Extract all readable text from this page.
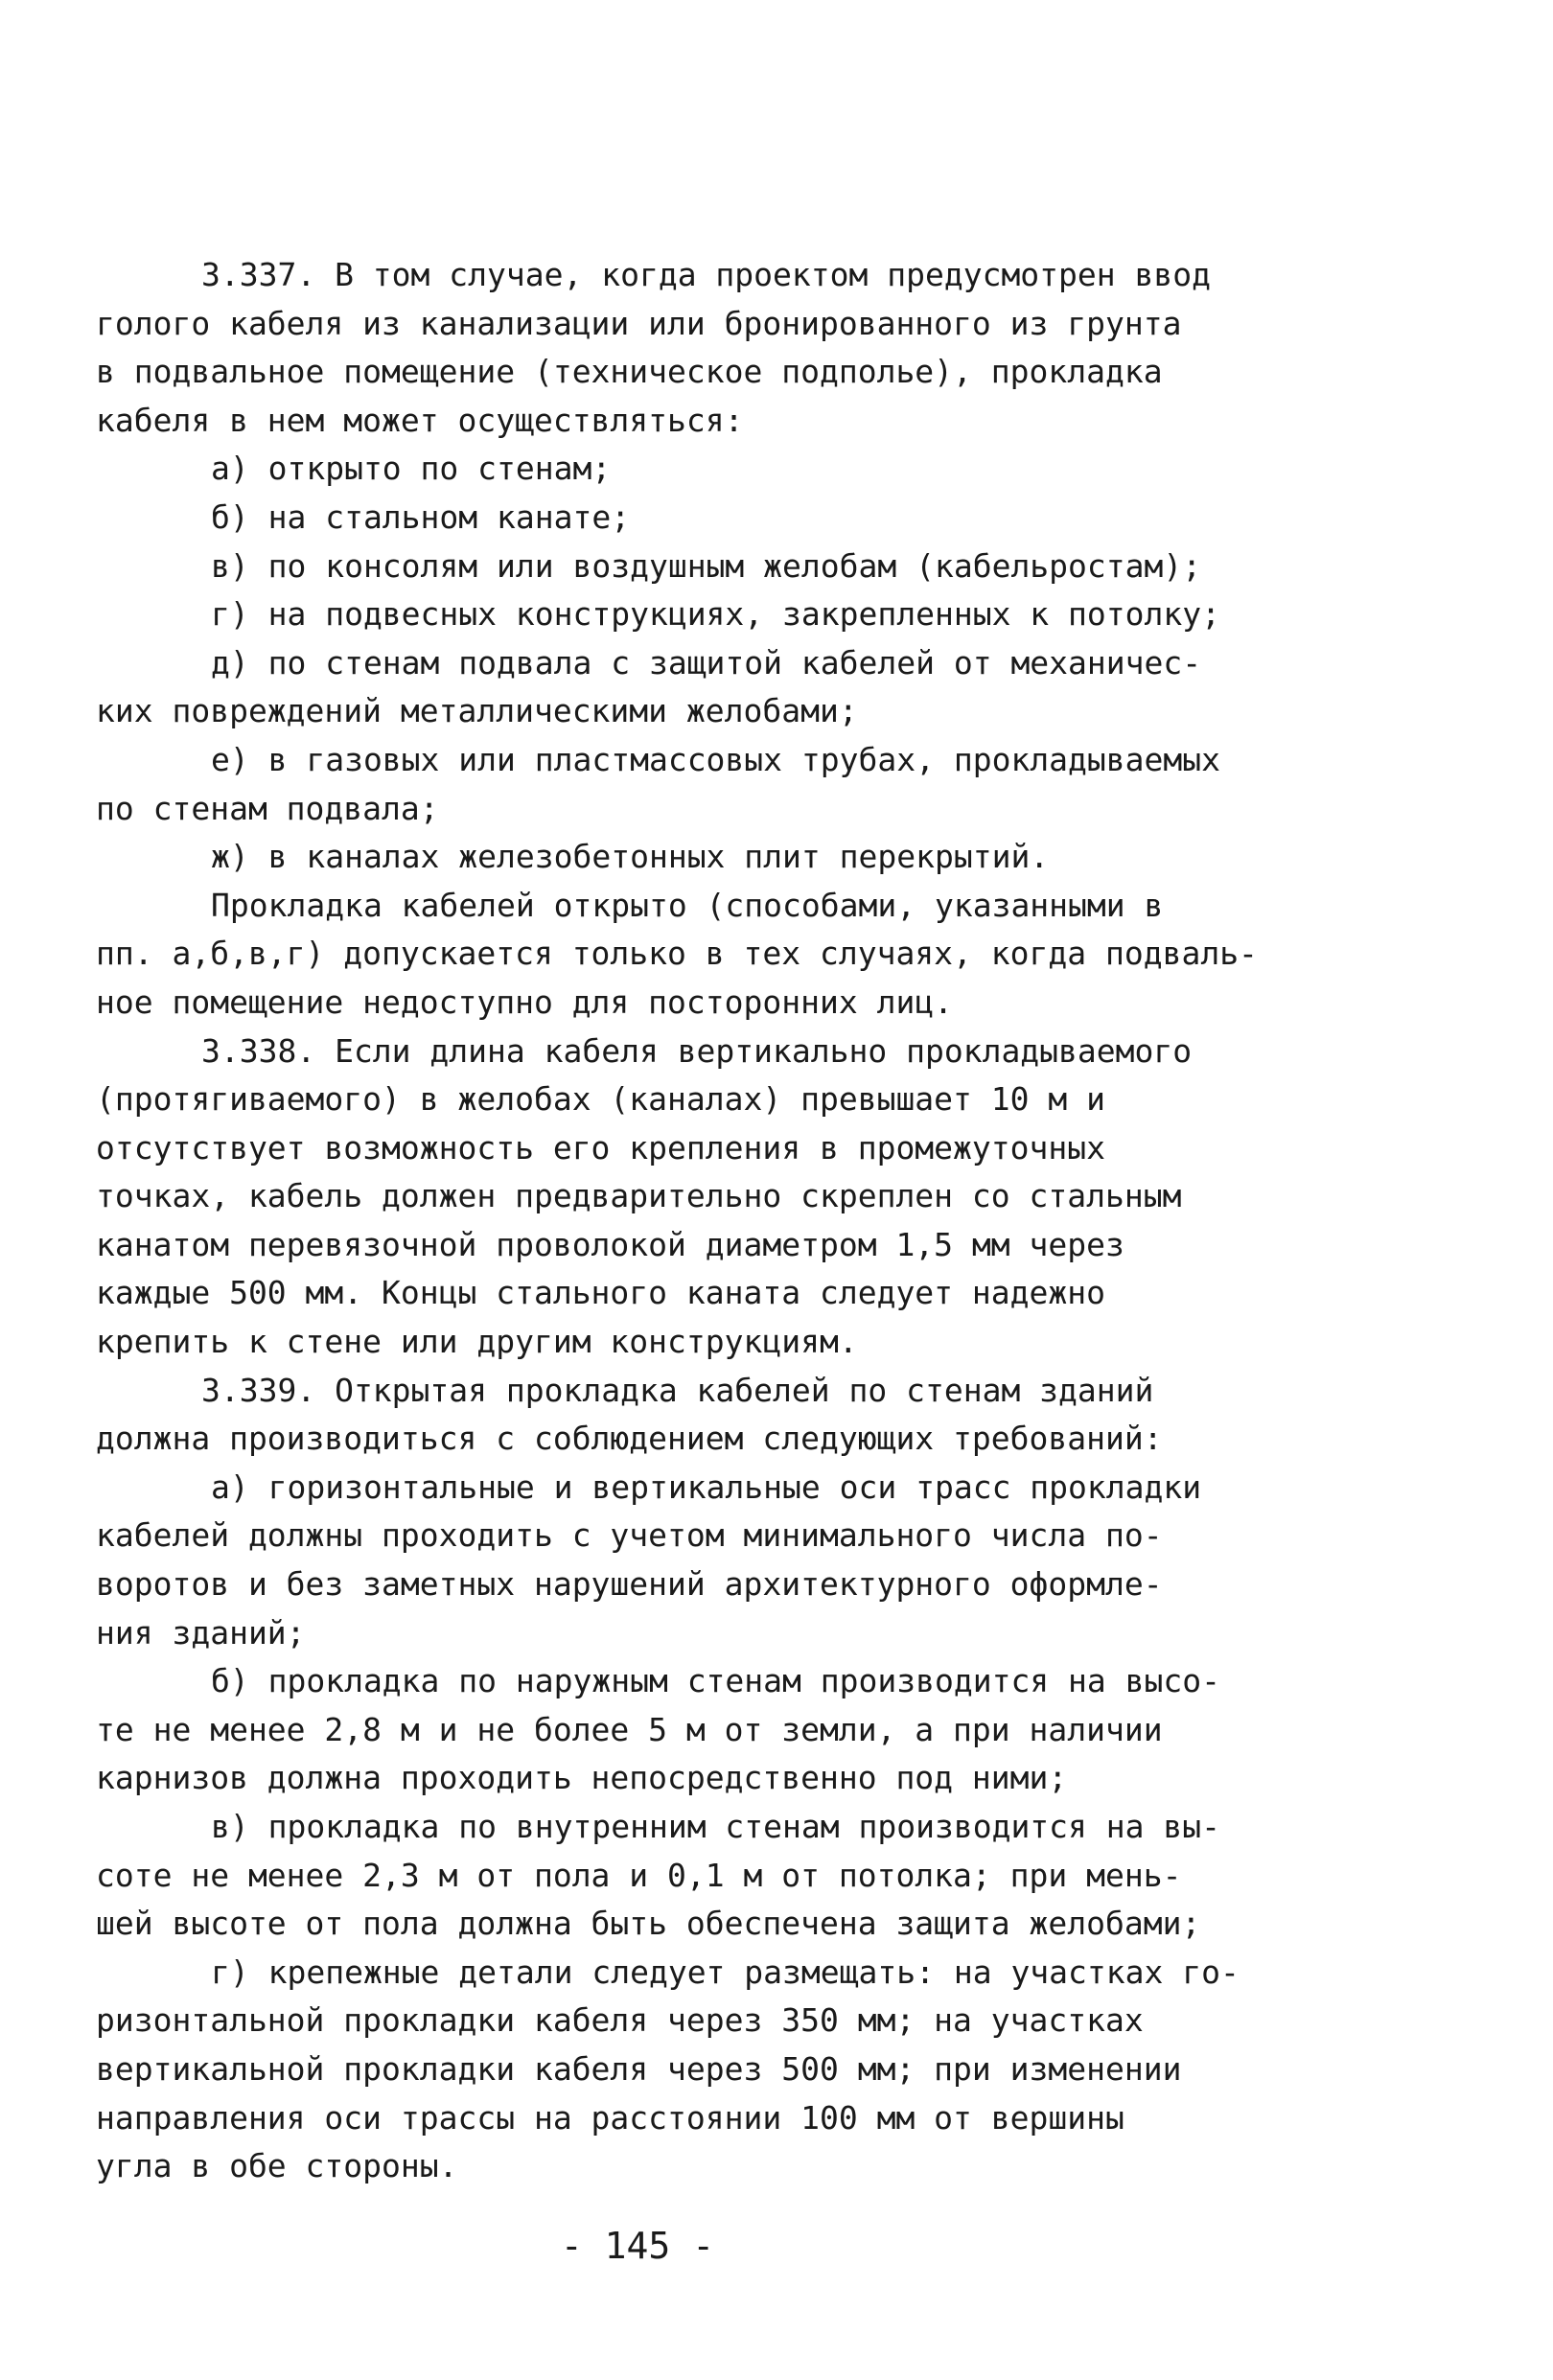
3.337. В том случае, когда проектом предусмотрен ввод
голого кабеля из канализации или бронированного из грунта
в подвальное помещение (техническое подполье), прокладка
кабеля в нем может осуществляться:
а) открыто по стенам;
б) на стальном канате;
в) по консолям или воздушным желобам (кабельростам);
г) на подвесных конструкциях, закрепленных к потолку;
д) по стенам подвала с защитой кабелей от механичес-
ких повреждений металлическими желобами;
е) в газовых или пластмассовых трубах, прокладываемых
по стенам подвала;
ж) в каналах железобетонных плит перекрытий.
Прокладка кабелей открыто (способами, указанными в
пп. а,б,в,г) допускается только в тех случаях, когда подваль-
ное помещение недоступно для посторонних лиц.
3.338. Если длина кабеля вертикально прокладываемого
(протягиваемого) в желобах (каналах) превышает 10 м и
отсутствует возможность его крепления в промежуточных
точках, кабель должен предварительно скреплен со стальным
канатом перевязочной проволокой диаметром 1,5 мм через
каждые 500 мм. Концы стального каната следует надежно
крепить к стене или другим конструкциям.
3.339. Открытая прокладка кабелей по стенам зданий
должна производиться с соблюдением следующих требований:
а) горизонтальные и вертикальные оси трасс прокладки
кабелей должны проходить с учетом минимального числа по-
воротов и без заметных нарушений архитектурного оформле-
ния зданий;
б) прокладка по наружным стенам производится на высо-
те не менее 2,8 м и не более 5 м от земли, а при наличии
карнизов должна проходить непосредственно под ними;
в) прокладка по внутренним стенам производится на вы-
соте не менее 2,3 м от пола и 0,1 м от потолка; при мень-
шей высоте от пола должна быть обеспечена защита желобами;
г) крепежные детали следует размещать: на участках го-
ризонтальной прокладки кабеля через 350 мм; на участках
вертикальной прокладки кабеля через 500 мм; при изменении
направления оси трассы на расстоянии 100 мм от вершины
угла в обе стороны.
- 145 -
